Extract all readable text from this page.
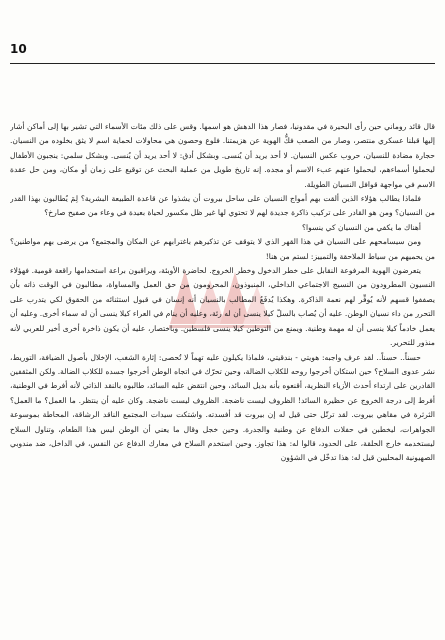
10

قال قائد روماني حين رأى البحيرة في مقدونيا، فصار هذا الدهش هو اسمها. وقس على ذلك مئات الأسماء التي تشير بها إلى أماكن أشار إليها قبلنا عسكري منتصر، وصار من الصعب فكُّ الهوية عن هزيمتنا. فلوع وحصون هي محاولات لحماية اسم لا يثق بخلوده من النسيان. حجارة مضادة للنسيان، حروب عكس النسيان. لا أحد يريد أن يُنسى. وبشكل أدق: لا أحد يريد أن يُنسى. وبشكل سلمي: ينجبون الأطفال ليحملوا أسماءهم، ليحملوا عنهم عبء الاسم أو مجده. إنه تاريخ طويل من عملية البحث عن توقيع على زمان أو مكان، ومن حل عقدة الاسم في مواجهة قوافل النسيان الطويلة.

فلماذا يطالب هؤلاء الذين ألقت بهم أمواج النسيان على ساحل بيروت أن يشذوا عن قاعدة الطبيعة البشرية؟ لِمَ يُطالبون بهذا القدر من النسيان؟ ومن هو القادر على تركيب ذاكرة جديدة لهم لا تحتوي لها غير ظل مكسور لحياة بعيدة في وعاء من صفيح صارخ؟

أهناك ما يكفي من النسيان كي ينسوا؟

ومن سيسامحهم على النسيان في هذا القهر الذي لا يتوقف عن تذكيرهم باغترابهم عن المكان والمجتمع؟ من يرضى بهم مواطنين؟ من يحميهم من سياط الملاحقة والتمييز: لستم من هنا!

يتعرضون الهوية المرفوعة النقابل على خطر الدخول وخطر الخروج. لحاضرة الأوبئة، ويراقبون براعة استخدامها راقعة قومية. فهؤلاء النسيون المطرودون من النسيج الاجتماعي الداخلي، المنبوذون، المحرومون من حق العمل والمساواة، مطالبون في الوقت ذاته بأن يصففوا قسهم لأنه يُوفِّر لهم نعمة الذاكرة. وهكذا يُدفَعُ المطالب بالنسيان أنه إنسان في قبول استثنائه من الحقوق لكي يتدرب على التحرر من داء نسيان الوطن. عليه أن يُصاب بالسلّ كيلا ينسى أن له رئة، وعليه أن ينام في العراء كيلا ينسى أن له سماء أخرى. وعليه أن يعمل خادماً كيلا ينسى أن له مهمة وطنية. ويمنع من التوطين كيلا ينسى فلسطين. وباختصار، عليه أن يكون ذاخرة أخرى أخير للعربي لأنه منذور للتحرير.

حسناً.. حسناً.. لقد عرف واجبه: هويتي - بندقيتي، فلماذا يكيلون عليه تهماً لا تُحصى: إثارة الشغب، الإخلال بأصول الضيافة، التوريط، نشر عدوى السلاح؟ حين استكان أخرجوا روحه للكلاب الضالة، وحين تحرّك في اتجاه الوطن أخرجوا جسده للكلاب الضالة. ولكن المثقفين القادرين على ارتداء أحدث الأزياء النظرية، أقنعوه بأنه بديل السائد، وحين انتقض عليه السائد، طالبوه بالنقد الذاتي لأنه أفرط في الوطنية، أفرط إلى درجة الخروج عن حظيرة السائد! الظروف ليست ناضجة. الظروف ليست ناضجة. وكان عليه أن ينتظر. ما العمل؟ ما العمل؟ الثرثرة في مقاهي بيروت. لقد ترتّل حتى قيل له إن بيروت قد أفسدته. واشتكت سيدات المجتمع الناقد الرشاقة، المحاطة بموسوعة الجواهرات، ليخطبن في حفلات الدفاع عن وطنية والجدرة. وحين خجل وقال ما يعني أن الوطن ليس هذا الطعام، وتناول السلاح ليستخدمه خارج الحلقة، على الحدود، قالوا له: هذا تجاوز. وحين استخدم السلاح في معارك الدفاع عن النفس، في الداخل، ضد مندوبي الصهيونية المحليين قيل له: هذا تدخّل في الشؤون
